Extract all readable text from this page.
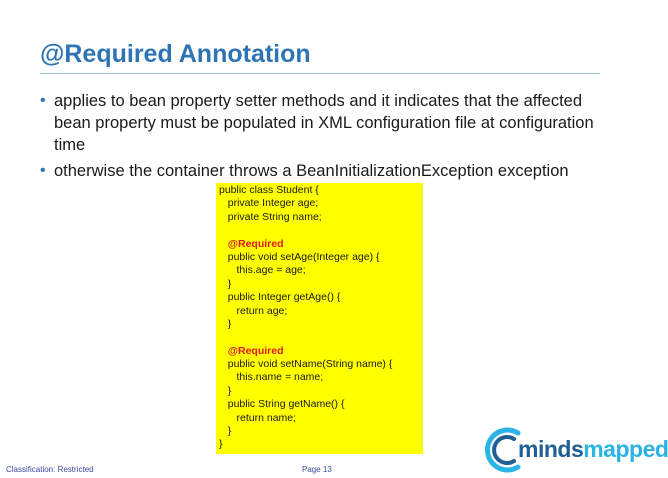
@Required Annotation
• applies to bean property setter methods and it indicates that the affected bean property must be populated in XML configuration file at configuration time
• otherwise the container throws a BeanInitializationException exception
public class Student {
private Integer age;
private String name;
@Required
public void setAge(Integer age) {
this.age = age;
}
public Integer getAge() {
return age;
}
@Required
public void setName(String name) {
this.name = name;
}
public String getName() {
return name;
}
}
Classification: Restricted	Page 13
mindsmapped
